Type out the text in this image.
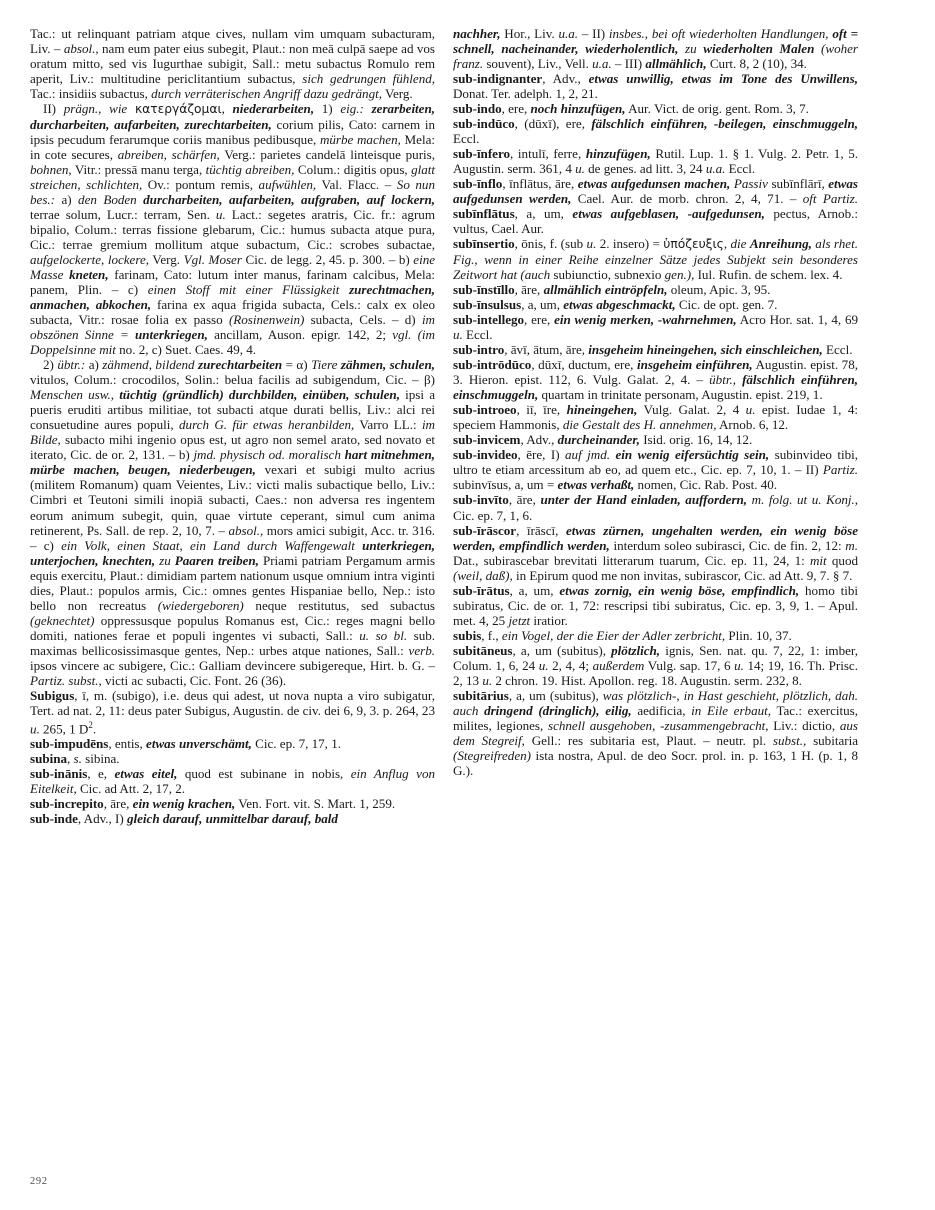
Tac.: ut relinquant patriam atque cives, nullam vim umquam subacturam, Liv. – absol., nam eum pater eius subegit, Plaut.: non meā culpā saepe ad vos oratum mitto, sed vis Iugurthae subigit, Sall.: metu subactus Romulo rem aperit, Liv.: multitudine periclitantium subactus, sich gedrungen fühlend, Tac.: insidiis subactus, durch verräterischen Angriff dazu gedrängt, Verg.

II) prägn., wie κατεργάζομαι, niederarbeiten, 1) eig.: zerarbeiten, durcharbeiten, aufarbeiten, zurechtarbeiten, corium pilis, Cato: carnem in ipsis pecudum ferarumque coriis manibus pedibusque, mürbe machen, Mela: in cote secures, abreiben, schärfen, Verg.: parietes candelā linteisque puris, bohnen, Vitr.: pressā manu terga, tüchtig abreiben, Colum.: digitis opus, glatt streichen, schlichten, Ov.: pontum remis, aufwühlen, Val. Flacc. – So nun bes.: a) den Boden durcharbeiten, aufarbeiten, aufgraben, auf lockern, terrae solum, Lucr.: terram, Sen. u. Lact.: segetes aratris, Cic. fr.: agrum bipalio, Colum.: terras fissione glebarum, Cic.: humus subacta atque pura, Cic.: terrae gremium mollitum atque subactum, Cic.: scrobes subactae, aufgelockerte, lockere, Verg. Vgl. Moser Cic. de legg. 2, 45. p. 300. – b) eine Masse kneten, farinam, Cato: lutum inter manus, farinam calcibus, Mela: panem, Plin. – c) einen Stoff mit einer Flüssigkeit zurechtmachen, anmachen, abkochen, farina ex aqua frigida subacta, Cels.: calx ex oleo subacta, Vitr.: rosae folia ex passo (Rosinenwein) subacta, Cels. – d) im obszönen Sinne = unterkriegen, ancillam, Auson. epigr. 142, 2; vgl. (im Doppelsinne mit no. 2, c) Suet. Caes. 49, 4.

2) übtr.: a) zähmend, bildend zurechtarbeiten = α) Tiere zähmen, schulen, vitulos, Colum.: crocodilos, Solin.: belua facilis ad subigendum, Cic. – β) Menschen usw., tüchtig (gründlich) durchbilden, einüben, schulen, ipsi a pueris eruditi artibus militiae, tot subacti atque durati bellis, Liv.: alci rei consuetudine aures populi, durch G. für etwas heranbilden, Varro LL.: im Bilde, subacto mihi ingenio opus est, ut agro non semel arato, sed novato et iterato, Cic. de or. 2, 131. – b) jmd. physisch od. moralisch hart mitnehmen, mürbe machen, beugen, niederbeugen, vexari et subigi multo acrius (militem Romanum) quam Veientes, Liv.: victi malis subactique bello, Liv.: Cimbri et Teutoni simili inopiā subacti, Caes.: non adversa res ingentem eorum animum subegit, quin, quae virtute ceperant, simul cum anima retinerent, Ps. Sall. de rep. 2, 10, 7. – absol., mors amici subigit, Acc. tr. 316. – c) ein Volk, einen Staat, ein Land durch Waffengewalt unterkriegen, unterjochen, knechten, zu Paaren treiben, Priami patriam Pergamum armis equis exercitu, Plaut.: dimidiam partem nationum usque omnium intra viginti dies, Plaut.: populos armis, Cic.: omnes gentes Hispaniae bello, Nep.: isto bello non recreatus (wiedergeboren) neque restitutus, sed subactus (geknechtet) oppressusque populus Romanus est, Cic.: reges magni bello domiti, nationes ferae et populi ingentes vi subacti, Sall.: u. so bl. sub. maximas bellicosissimasque gentes, Nep.: urbes atque nationes, Sall.: verb. ipsos vincere ac subigere, Cic.: Galliam devincere subigereque, Hirt. b. G. – Partiz. subst., victi ac subacti, Cic. Font. 26 (36).

Subigus, ī, m. (subigo), i.e. deus qui adest, ut nova nupta a viro subigatur, Tert. ad nat. 2, 11: deus pater Subigus, Augustin. de civ. dei 6, 9, 3. p. 264, 23 u. 265, 1 $D^2$.

sub-impudēns, entis, etwas unverschämt, Cic. ep. 7, 17, 1.

subina, s. sibina.

sub-inānis, e, etwas eitel, quod est subinane in nobis, ein Anflug von Eitelkeit, Cic. ad Att. 2, 17, 2.

sub-increpito, āre, ein wenig krachen, Ven. Fort. vit. S. Mart. 1, 259.

sub-inde, Adv., I) gleich darauf, unmittelbar darauf, bald

nachher, Hor., Liv. u.a. – II) insbes., bei oft wiederholten Handlungen, oft = schnell, nacheinander, wiederholentlich, zu wiederholten Malen (woher franz. souvent), Liv., Vell. u.a. – III) allmählich, Curt. 8, 2 (10), 34.

sub-indignanter, Adv., etwas unwillig, etwas im Tone des Unwillens, Donat. Ter. adelph. 1, 2, 21.

sub-indo, ere, noch hinzufügen, Aur. Vict. de orig. gent. Rom. 3, 7.

sub-indūco, (dūxī), ere, fälschlich einführen, -beilegen, einschmuggeln, Eccl.

sub-īnfero, intulī, ferre, hinzufügen, Rutil. Lup. 1. § 1. Vulg. 2. Petr. 1, 5. Augustin. serm. 361, 4 u. de genes. ad litt. 3, 24 u.a. Eccl.

sub-īnflo, īnflātus, āre, etwas aufgedunsen machen, Passiv subīnflārī, etwas aufgedunsen werden, Cael. Aur. de morb. chron. 2, 4, 71. – oft Partiz. subīnflātus, a, um, etwas aufgeblasen, -aufgedunsen, pectus, Arnob.: vultus, Cael. Aur.

subīnsertio, ōnis, f. (sub u. 2. insero) = ὑπόζευξις, die Anreihung, als rhet. Fig., wenn in einer Reihe einzelner Sätze jedes Subjekt sein besonderes Zeitwort hat (auch subiunctio, subnexio gen.), Iul. Rufin. de schem. lex. 4.

sub-īnstīllo, āre, allmählich eintröpfeln, oleum, Apic. 3, 95.

sub-īnsulsus, a, um, etwas abgeschmackt, Cic. de opt. gen. 7.

sub-intellego, ere, ein wenig merken, -wahrnehmen, Acro Hor. sat. 1, 4, 69 u. Eccl.

sub-intro, āvī, ātum, āre, insgeheim hineingehen, sich einschleichen, Eccl.

sub-intrōdūco, dūxī, ductum, ere, insgeheim einführen, Augustin. epist. 78, 3. Hieron. epist. 112, 6. Vulg. Galat. 2, 4. – übtr., fälschlich einführen, einschmuggeln, quartam in trinitate personam, Augustin. epist. 219, 1.

sub-introeo, iī, īre, hineingehen, Vulg. Galat. 2, 4 u. epist. Iudae 1, 4: speciem Hammonis, die Gestalt des H. annehmen, Arnob. 6, 12.

sub-invicem, Adv., durcheinander, Isid. orig. 16, 14, 12.

sub-invideo, ēre, I) auf jmd. ein wenig eifersüchtig sein, subinvideo tibi, ultro te etiam arcessitum ab eo, ad quem etc., Cic. ep. 7, 10, 1. – II) Partiz. subinvīsus, a, um = etwas verhaßt, nomen, Cic. Rab. Post. 40.

sub-invīto, āre, unter der Hand einladen, auffordern, m. folg. ut u. Konj., Cic. ep. 7, 1, 6.

sub-īrāscor, īrāscī, etwas zürnen, ungehalten werden, ein wenig böse werden, empfindlich werden, interdum soleo subirasci, Cic. de fin. 2, 12: m. Dat., subirascebar brevitati litterarum tuarum, Cic. ep. 11, 24, 1: mit quod (weil, daß), in Epirum quod me non invitas, subirascor, Cic. ad Att. 9, 7. § 7.

sub-īrātus, a, um, etwas zornig, ein wenig böse, empfindlich, homo tibi subiratus, Cic. de or. 1, 72: rescripsi tibi subiratus, Cic. ep. 3, 9, 1. – Apul. met. 4, 25 jetzt iratior.

subis, f., ein Vogel, der die Eier der Adler zerbricht, Plin. 10, 37.

subitāneus, a, um (subitus), plötzlich, ignis, Sen. nat. qu. 7, 22, 1: imber, Colum. 1, 6, 24 u. 2, 4, 4; außerdem Vulg. sap. 17, 6 u. 14; 19, 16. Th. Prisc. 2, 13 u. 2 chron. 19. Hist. Apollon. reg. 18. Augustin. serm. 232, 8.

subitārius, a, um (subitus), was plötzlich-, in Hast geschieht, plötzlich, dah. auch dringend (dringlich), eilig, aedificia, in Eile erbaut, Tac.: exercitus, milites, legiones, schnell ausgehoben, -zusammengebracht, Liv.: dictio, aus dem Stegreif, Gell.: res subitaria est, Plaut. – neutr. pl. subst., subitaria (Stegreifreden) ista nostra, Apul. de deo Socr. prol. in. p. 163, 1 H. (p. 1, 8 G.).

292
